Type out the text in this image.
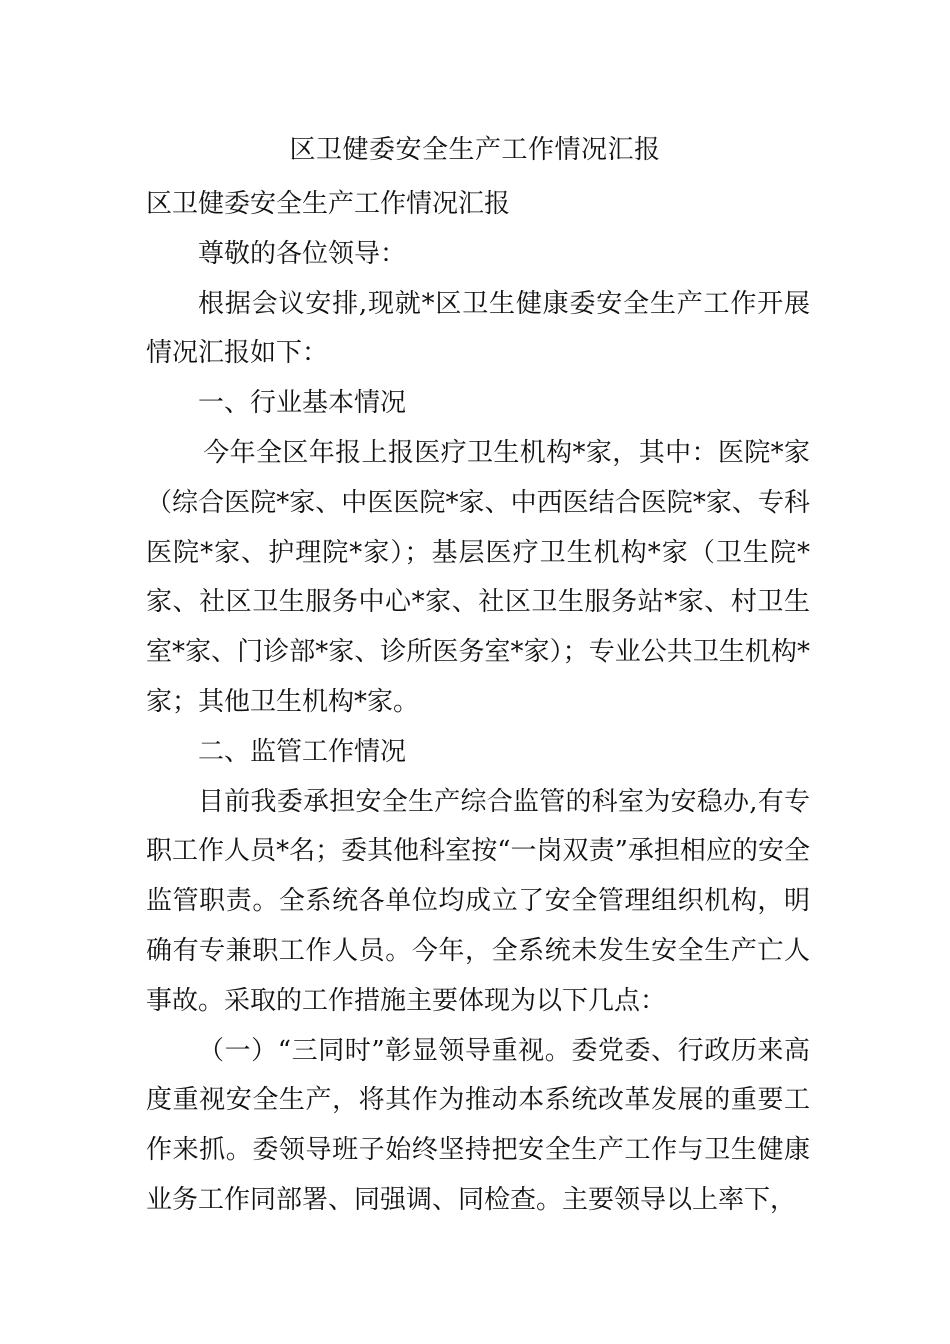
区卫健委安全生产工作情况汇报

区卫健委安全生产工作情况汇报

尊敬的各位领导：

根据会议安排,现就*区卫生健康委安全生产工作开展情况汇报如下：

一、行业基本情况

今年全区年报上报医疗卫生机构*家，其中：医院*家（综合医院*家、中医医院*家、中西医结合医院*家、专科医院*家、护理院*家）；基层医疗卫生机构*家（卫生院*家、社区卫生服务中心*家、社区卫生服务站*家、村卫生室*家、门诊部*家、诊所医务室*家）；专业公共卫生机构*家；其他卫生机构*家。

二、监管工作情况

目前我委承担安全生产综合监管的科室为安稳办,有专职工作人员*名；委其他科室按“一岗双责”承担相应的安全监管职责。全系统各单位均成立了安全管理组织机构，明确有专兼职工作人员。今年，全系统未发生安全生产亡人事故。采取的工作措施主要体现为以下几点：

（一）“三同时”彰显领导重视。委党委、行政历来高度重视安全生产，将其作为推动本系统改革发展的重要工作来抓。委领导班子始终坚持把安全生产工作与卫生健康业务工作同部署、同强调、同检查。主要领导以上率下，
